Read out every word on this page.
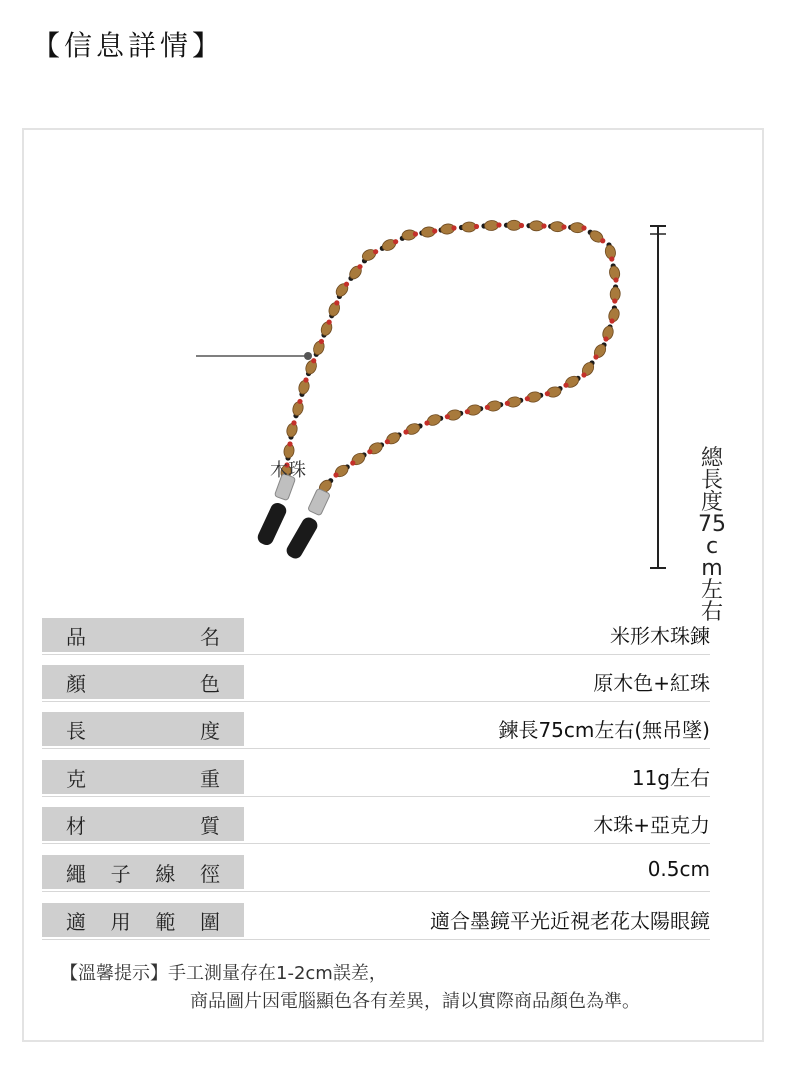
【信息詳情】
木珠	總長度75cm左右
品	名	米形木珠鍊
顏	色	原木色+紅珠
長	度	鍊長75cm左右(無吊墜)
克	重	11g左右
材	質	木珠+亞克力
繩 子 線 徑	0.5cm
適 用 範 圍	適合墨鏡平光近視老花太陽眼鏡
【溫馨提示】手工測量存在1-2cm誤差，
商品圖片因電腦顯色各有差異，請以實際商品顏色為準。
